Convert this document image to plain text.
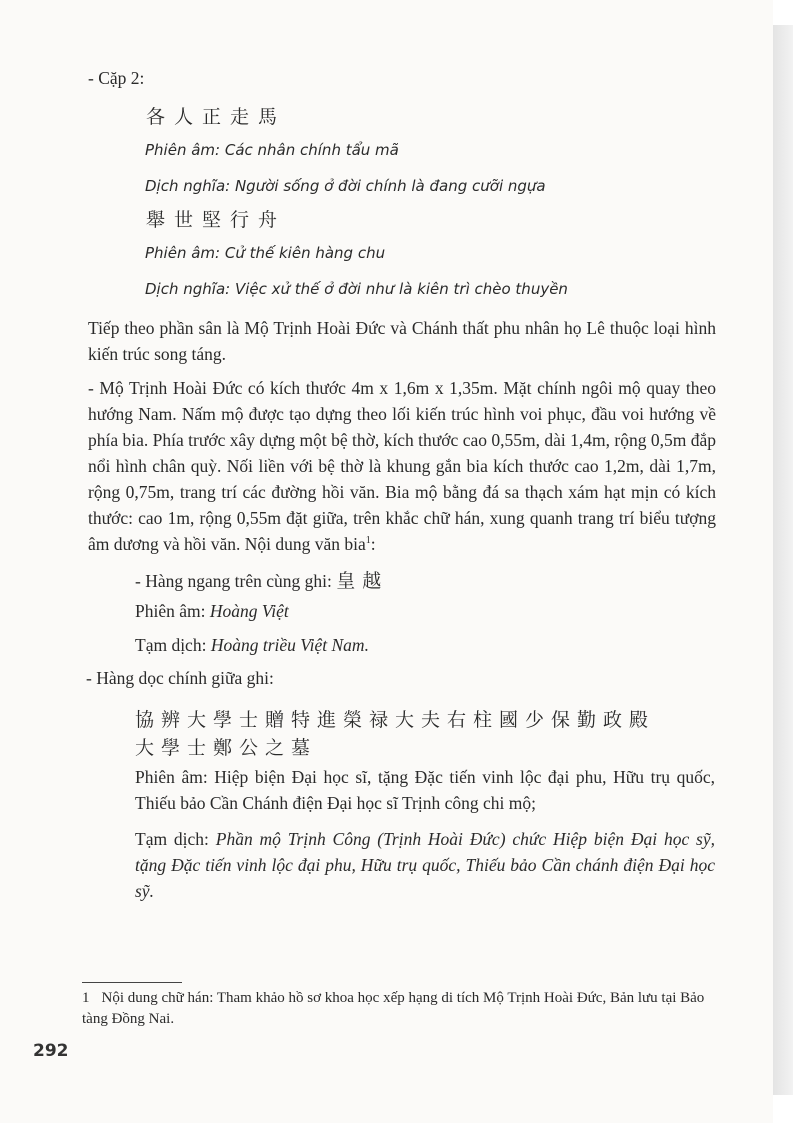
- Cặp 2:

各人正走馬

Phiên âm: Các nhân chính tẩu mã

Dịch nghĩa: Người sống ở đời chính là đang cưỡi ngựa

舉世堅行舟

Phiên âm: Cử thế kiên hàng chu

Dịch nghĩa: Việc xử thế ở đời như là kiên trì chèo thuyền

Tiếp theo phần sân là Mộ Trịnh Hoài Đức và Chánh thất phu nhân họ Lê thuộc loại hình kiến trúc song táng.

- Mộ Trịnh Hoài Đức có kích thước 4m x 1,6m x 1,35m. Mặt chính ngôi mộ quay theo hướng Nam. Nấm mộ được tạo dựng theo lối kiến trúc hình voi phục, đầu voi hướng về phía bia. Phía trước xây dựng một bệ thờ, kích thước cao 0,55m, dài 1,4m, rộng 0,5m đắp nổi hình chân quỳ. Nối liền với bệ thờ là khung gắn bia kích thước cao 1,2m, dài 1,7m, rộng 0,75m, trang trí các đường hồi văn. Bia mộ bằng đá sa thạch xám hạt mịn có kích thước: cao 1m, rộng 0,55m đặt giữa, trên khắc chữ hán, xung quanh trang trí biểu tượng âm dương và hồi văn. Nội dung văn bia$^1$:

- Hàng ngang trên cùng ghi: 皇越

Phiên âm: Hoàng Việt

Tạm dịch: Hoàng triều Việt Nam.

- Hàng dọc chính giữa ghi:

協辨大學士贈特進榮禄大夫右柱國少保勤政殿

大學士鄭公之墓

Phiên âm: Hiệp biện Đại học sĩ, tặng Đặc tiến vinh lộc đại phu, Hữu trụ quốc, Thiếu bảo Cần Chánh điện Đại học sĩ Trịnh công chi mộ;

Tạm dịch: Phần mộ Trịnh Công (Trịnh Hoài Đức) chức Hiệp biện Đại học sỹ, tặng Đặc tiến vinh lộc đại phu, Hữu trụ quốc, Thiếu bảo Cần chánh điện Đại học sỹ.

1 Nội dung chữ hán: Tham khảo hồ sơ khoa học xếp hạng di tích Mộ Trịnh Hoài Đức, Bản lưu tại Bảo tàng Đồng Nai.

292
